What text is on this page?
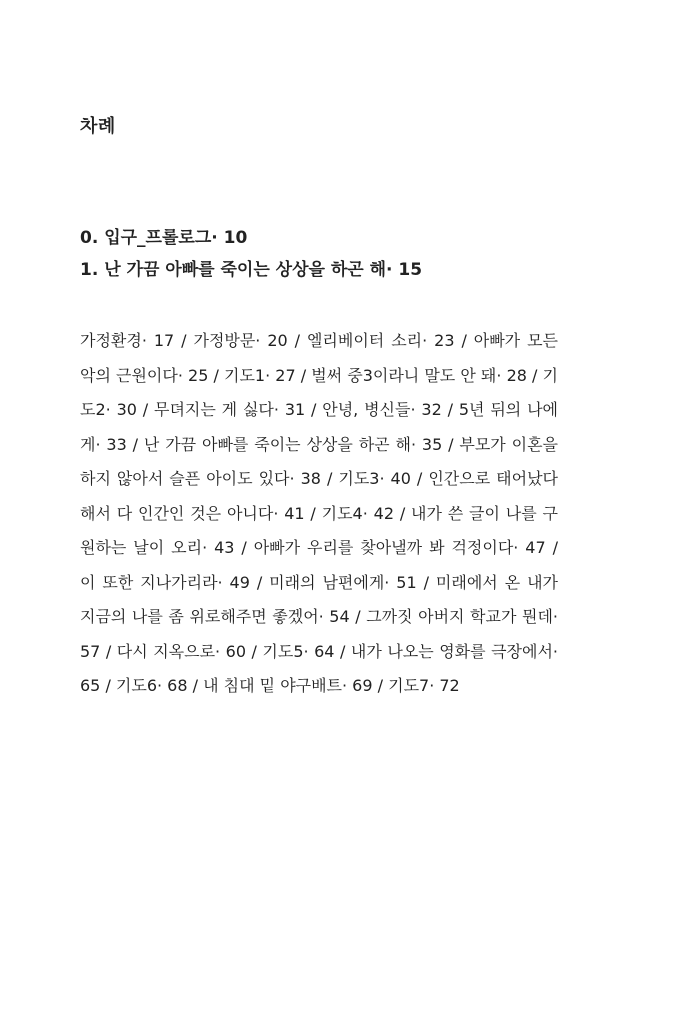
차례

0. 입구_프롤로그· 10

1. 난 가끔 아빠를 죽이는 상상을 하곤 해· 15

가정환경· 17 / 가정방문· 20 / 엘리베이터 소리· 23 / 아빠가 모든 악의 근원이다· 25 / 기도1· 27 / 벌써 중3이라니 말도 안 돼· 28 / 기도2· 30 / 무뎌지는 게 싫다· 31 / 안녕, 병신들· 32 / 5년 뒤의 나에게· 33 / 난 가끔 아빠를 죽이는 상상을 하곤 해· 35 / 부모가 이혼을 하지 않아서 슬픈 아이도 있다· 38 / 기도3· 40 / 인간으로 태어났다 해서 다 인간인 것은 아니다· 41 / 기도4· 42 / 내가 쓴 글이 나를 구원하는 날이 오리· 43 / 아빠가 우리를 찾아낼까 봐 걱정이다· 47 / 이 또한 지나가리라· 49 / 미래의 남편에게· 51 / 미래에서 온 내가 지금의 나를 좀 위로해주면 좋겠어· 54 / 그까짓 아버지 학교가 뭔데· 57 / 다시 지옥으로· 60 / 기도5· 64 / 내가 나오는 영화를 극장에서· 65 / 기도6· 68 / 내 침대 밑 야구배트· 69 / 기도7· 72
